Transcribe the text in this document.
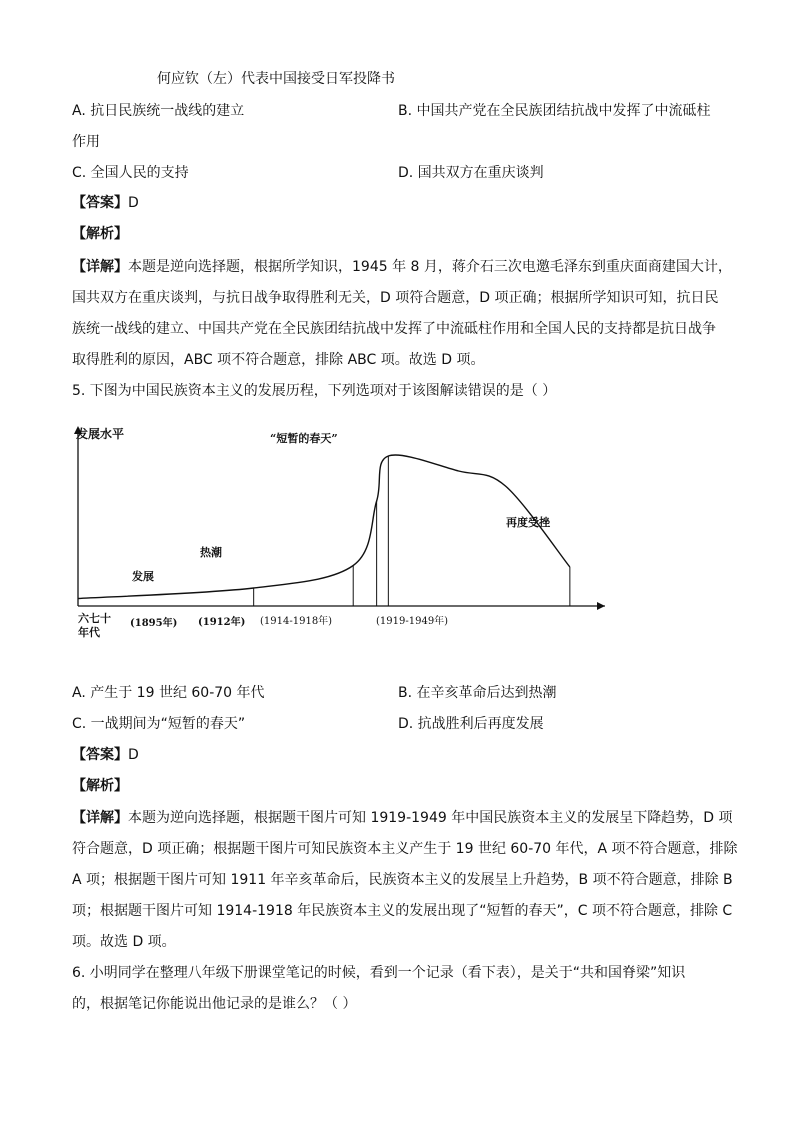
何应钦（左）代表中国接受日军投降书
A. 抗日民族统一战线的建立	B. 中国共产党在全民族团结抗战中发挥了中流砥柱
作用
C. 全国人民的支持	D. 国共双方在重庆谈判
【答案】D
【解析】
【详解】本题是逆向选择题，根据所学知识，1945 年 8 月，蒋介石三次电邀毛泽东到重庆面商建国大计，
国共双方在重庆谈判，与抗日战争取得胜利无关，D 项符合题意，D 项正确；根据所学知识可知，抗日民
族统一战线的建立、中国共产党在全民族团结抗战中发挥了中流砥柱作用和全国人民的支持都是抗日战争
取得胜利的原因，ABC 项不符合题意，排除 ABC 项。故选 D 项。
5. 下图为中国民族资本主义的发展历程，下列选项对于该图解读错误的是（ ）
发展水平
发展
热潮
“短暂的春天”
再度受挫
六七十
年代
(1895年) (1912年) (1914-1918年)	(1919-1949年)
A. 产生于 19 世纪 60-70 年代	B. 在辛亥革命后达到热潮
C. 一战期间为“短暂的春天”	D. 抗战胜利后再度发展
【答案】D
【解析】
【详解】本题为逆向选择题，根据题干图片可知 1919-1949 年中国民族资本主义的发展呈下降趋势，D 项
符合题意，D 项正确；根据题干图片可知民族资本主义产生于 19 世纪 60-70 年代，A 项不符合题意，排除
A 项；根据题干图片可知 1911 年辛亥革命后，民族资本主义的发展呈上升趋势，B 项不符合题意，排除 B
项；根据题干图片可知 1914-1918 年民族资本主义的发展出现了“短暂的春天”，C 项不符合题意，排除 C
项。故选 D 项。
6. 小明同学在整理八年级下册课堂笔记的时候，看到一个记录（看下表），是关于“共和国脊梁”知识
的，根据笔记你能说出他记录的是谁么？（ ）
